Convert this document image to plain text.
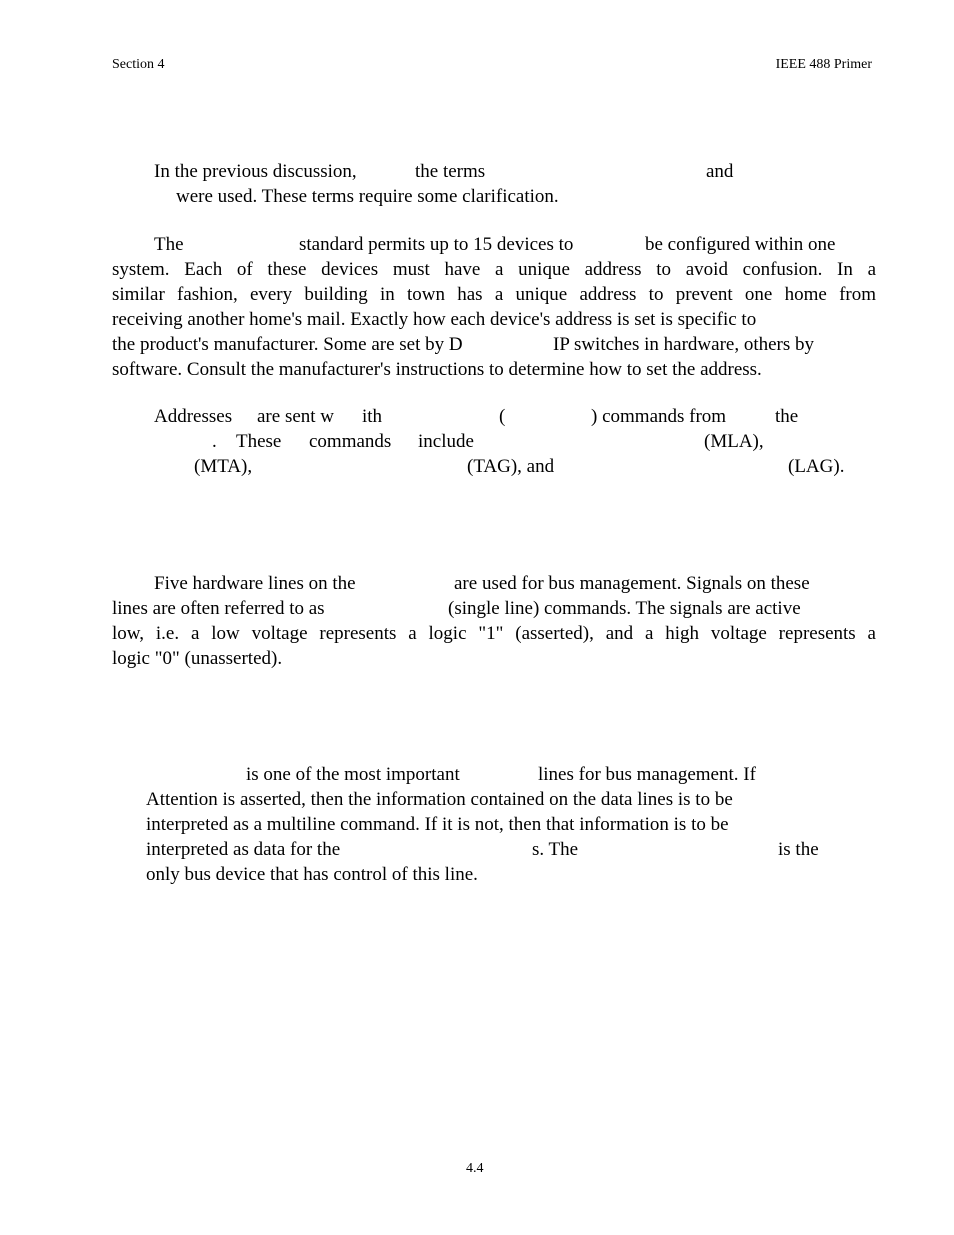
Section 4	IEEE 488 Primer
In the previous discussion,	the terms	and
were used. These terms require some clarification.
The	standard permits up to 15 devices to	be configured within one
system. Each of these devices must have a unique address to avoid confusion. In a
similar fashion, every building in town has a unique address to prevent one home from
receiving another home's mail. Exactly how each device's address is set is specific to
the product's manufacturer. Some are set by D	IP switches in hardware, others by
software. Consult the manufacturer's instructions to determine how to set the address.
Addresses are sent w ith	(	) commands from	the
. These commands include	(MLA),
(MTA),	(TAG), and	(LAG).
Five hardware lines on the	are used for bus management. Signals on these
lines are often referred to as	(single line) commands. The signals are active
low, i.e. a low voltage represents a logic "1" (asserted), and a high voltage represents a
logic "0" (unasserted).
is one of the most important	lines for bus management. If
Attention is asserted, then the information contained on the data lines is to be
interpreted as a multiline command. If it is not, then that information is to be
interpreted as data for the	s. The	is the
only bus device that has control of this line.
4.4
